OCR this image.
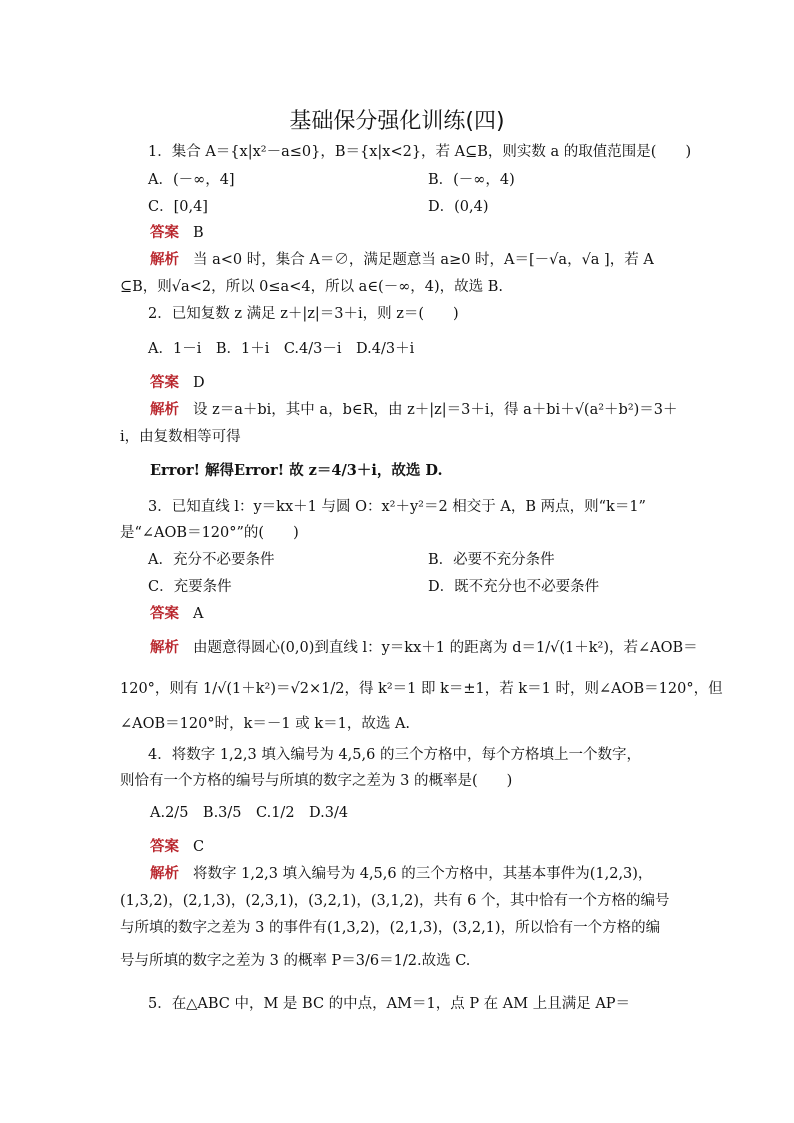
基础保分强化训练(四)
1．集合 A＝{x|x²－a≤0}，B＝{x|x<2}，若 A⊆B，则实数 a 的取值范围是(　　)
A．(－∞，4]	B．(－∞，4)
C．[0,4]	D．(0,4)
答案 B
解析 当 a<0 时，集合 A＝∅，满足题意当 a≥0 时，A＝[－√a，√a ]，若 A
⊆B，则√a<2，所以 0≤a<4，所以 a∈(－∞，4)，故选 B.
2．已知复数 z 满足 z＋|z|＝3＋i，则 z＝(　　)
A．1－i　B．1＋i　C.4/3－i　D.4/3＋i
答案 D
解析 设 z＝a＋bi，其中 a，b∈R，由 z＋|z|＝3＋i，得 a＋bi＋√(a²＋b²)＝3＋
i，由复数相等可得
Error! 解得Error! 故 z＝4/3＋i，故选 D.
3．已知直线 l：y＝kx＋1 与圆 O：x²＋y²＝2 相交于 A，B 两点，则“k＝1”
是“∠AOB＝120°”的(　　)
A．充分不必要条件	B．必要不充分条件
C．充要条件	D．既不充分也不必要条件
答案 A
解析 由题意得圆心(0,0)到直线 l：y＝kx＋1 的距离为 d＝1/√(1＋k²)，若∠AOB＝
120°，则有 1/√(1＋k²)＝√2×1/2，得 k²＝1 即 k＝±1，若 k＝1 时，则∠AOB＝120°，但
∠AOB＝120°时，k＝－1 或 k＝1，故选 A.
4．将数字 1,2,3 填入编号为 4,5,6 的三个方格中，每个方格填上一个数字，
则恰有一个方格的编号与所填的数字之差为 3 的概率是(　　)
A.2/5　B.3/5　C.1/2　D.3/4
答案 C
解析 将数字 1,2,3 填入编号为 4,5,6 的三个方格中，其基本事件为(1,2,3)，
(1,3,2)，(2,1,3)，(2,3,1)，(3,2,1)，(3,1,2)，共有 6 个，其中恰有一个方格的编号
与所填的数字之差为 3 的事件有(1,3,2)，(2,1,3)，(3,2,1)，所以恰有一个方格的编
号与所填的数字之差为 3 的概率 P＝3/6＝1/2.故选 C.
5．在△ABC 中，M 是 BC 的中点，AM＝1，点 P 在 AM 上且满足 AP＝
